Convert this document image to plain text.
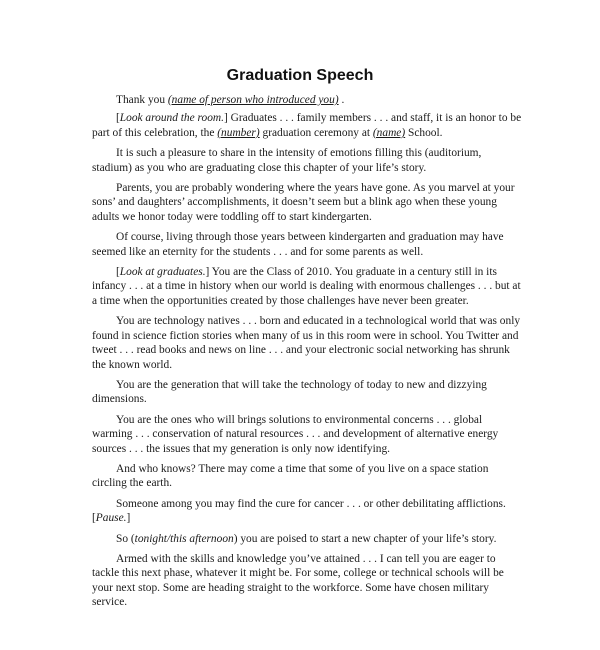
Graduation Speech

Thank you (name of person who introduced you) .

[Look around the room.] Graduates . . . family members . . . and staff, it is an honor to be part of this celebration, the (number) graduation ceremony at (name) School.

It is such a pleasure to share in the intensity of emotions filling this (auditorium, stadium) as you who are graduating close this chapter of your life’s story.

Parents, you are probably wondering where the years have gone. As you marvel at your sons’ and daughters’ accomplishments, it doesn’t seem but a blink ago when these young adults we honor today were toddling off to start kindergarten.

Of course, living through those years between kindergarten and graduation may have seemed like an eternity for the students . . . and for some parents as well.

[Look at graduates.] You are the Class of 2010. You graduate in a century still in its infancy . . . at a time in history when our world is dealing with enormous challenges . . . but at a time when the opportunities created by those challenges have never been greater.

You are technology natives . . . born and educated in a technological world that was only found in science fiction stories when many of us in this room were in school. You Twitter and tweet . . . read books and news on line . . . and your electronic social networking has shrunk the known world.

You are the generation that will take the technology of today to new and dizzying dimensions.

You are the ones who will brings solutions to environmental concerns . . . global warming . . . conservation of natural resources . . . and development of alternative energy sources . . . the issues that my generation is only now identifying.

And who knows? There may come a time that some of you live on a space station circling the earth.

Someone among you may find the cure for cancer . . . or other debilitating afflictions. [Pause.]

So (tonight/this afternoon) you are poised to start a new chapter of your life’s story.

Armed with the skills and knowledge you’ve attained . . . I can tell you are eager to tackle this next phase, whatever it might be. For some, college or technical schools will be your next stop. Some are heading straight to the workforce. Some have chosen military service.
